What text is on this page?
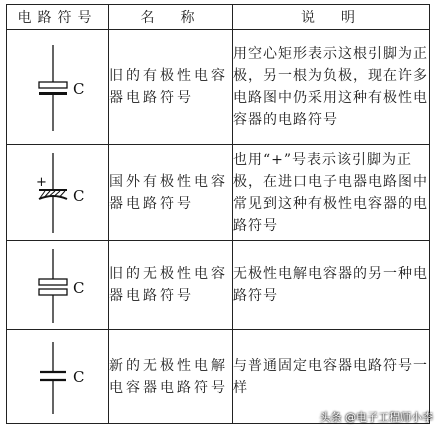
电路符号	名　称	说　明

C	旧的有极性电容器电路符号	用空心矩形表示这根引脚为正极，另一根为负极，现在许多电路图中仍采用这种有极性电容器的电路符号

+
C	国外有极性电容器电路符号	也用“+”号表示该引脚为正极，在进口电子电器电路图中常见到这种有极性电容器的电路符号

C	旧的无极性电容器电路符号	无极性电解电容器的另一种电路符号

C	新的无极性电解电容器电路符号	与普通固定电容器电路符号一样
头条 @电子工程师小李
